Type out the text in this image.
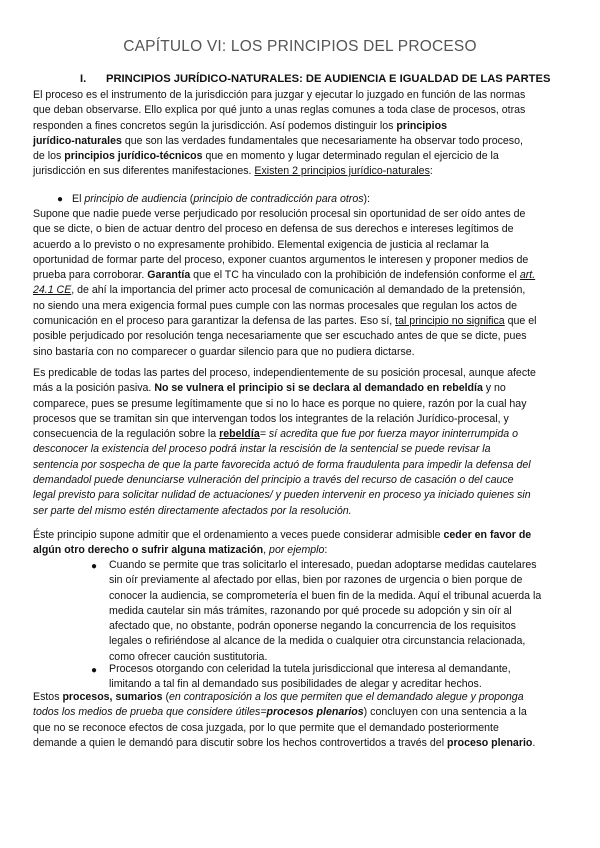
CAPÍTULO VI: LOS PRINCIPIOS DEL PROCESO
I. PRINCIPIOS JURÍDICO-NATURALES: DE AUDIENCIA E IGUALDAD DE LAS PARTES
El proceso es el instrumento de la jurisdicción para juzgar y ejecutar lo juzgado en función de las normas
que deban observarse. Ello explica por qué junto a unas reglas comunes a toda clase de procesos, otras
responden a fines concretos según la jurisdicción. Así podemos distinguir los principios
jurídico-naturales que son las verdades fundamentales que necesariamente ha observar todo proceso,
de los principios jurídico-técnicos que en momento y lugar determinado regulan el ejercicio de la
jurisdicción en sus diferentes manifestaciones. Existen 2 principios jurídico-naturales:
● El principio de audiencia (principio de contradicción para otros):
Supone que nadie puede verse perjudicado por resolución procesal sin oportunidad de ser oído antes de
que se dicte, o bien de actuar dentro del proceso en defensa de sus derechos e intereses legítimos de
acuerdo a lo previsto o no expresamente prohibido. Elemental exigencia de justicia al reclamar la
oportunidad de formar parte del proceso, exponer cuantos argumentos le interesen y proponer medios de
prueba para corroborar. Garantía que el TC ha vinculado con la prohibición de indefensión conforme el art.
24.1 CE, de ahí la importancia del primer acto procesal de comunicación al demandado de la pretensión,
no siendo una mera exigencia formal pues cumple con las normas procesales que regulan los actos de
comunicación en el proceso para garantizar la defensa de las partes. Eso sí, tal principio no significa que el
posible perjudicado por resolución tenga necesariamente que ser escuchado antes de que se dicte, pues
sino bastaría con no comparecer o guardar silencio para que no pudiera dictarse.
Es predicable de todas las partes del proceso, independientemente de su posición procesal, aunque afecte
más a la posición pasiva. No se vulnera el principio si se declara al demandado en rebeldía y no
comparece, pues se presume legítimamente que si no lo hace es porque no quiere, razón por la cual hay
procesos que se tramitan sin que intervengan todos los integrantes de la relación Jurídico-procesal, y
consecuencia de la regulación sobre la rebeldía= sí acredita que fue por fuerza mayor ininterrumpida o
desconocer la existencia del proceso podrá instar la rescisión de la sentencial se puede revisar la
sentencia por sospecha de que la parte favorecida actuó de forma fraudulenta para impedir la defensa del
demandadol puede denunciarse vulneración del principio a través del recurso de casación o del cauce
legal previsto para solicitar nulidad de actuaciones/ y pueden intervenir en proceso ya iniciado quienes sin
ser parte del mismo estén directamente afectados por la resolución.
Éste principio supone admitir que el ordenamiento a veces puede considerar admisible ceder en favor de
algún otro derecho o sufrir alguna matización, por ejemplo:
● Cuando se permite que tras solicitarlo el interesado, puedan adoptarse medidas cautelares
sin oír previamente al afectado por ellas, bien por razones de urgencia o bien porque de
conocer la audiencia, se comprometería el buen fin de la medida. Aquí el tribunal acuerda la
medida cautelar sin más trámites, razonando por qué procede su adopción y sin oír al
afectado que, no obstante, podrán oponerse negando la concurrencia de los requisitos
legales o refiriéndose al alcance de la medida o cualquier otra circunstancia relacionada,
como ofrecer caución sustitutoria.
● Procesos otorgando con celeridad la tutela jurisdiccional que interesa al demandante,
limitando a tal fin al demandado sus posibilidades de alegar y acreditar hechos.
Estos procesos, sumarios (en contraposición a los que permiten que el demandado alegue y proponga
todos los medios de prueba que considere útiles=procesos plenarios) concluyen con una sentencia a la
que no se reconoce efectos de cosa juzgada, por lo que permite que el demandado posteriormente
demande a quien le demandó para discutir sobre los hechos controvertidos a través del proceso plenario.
